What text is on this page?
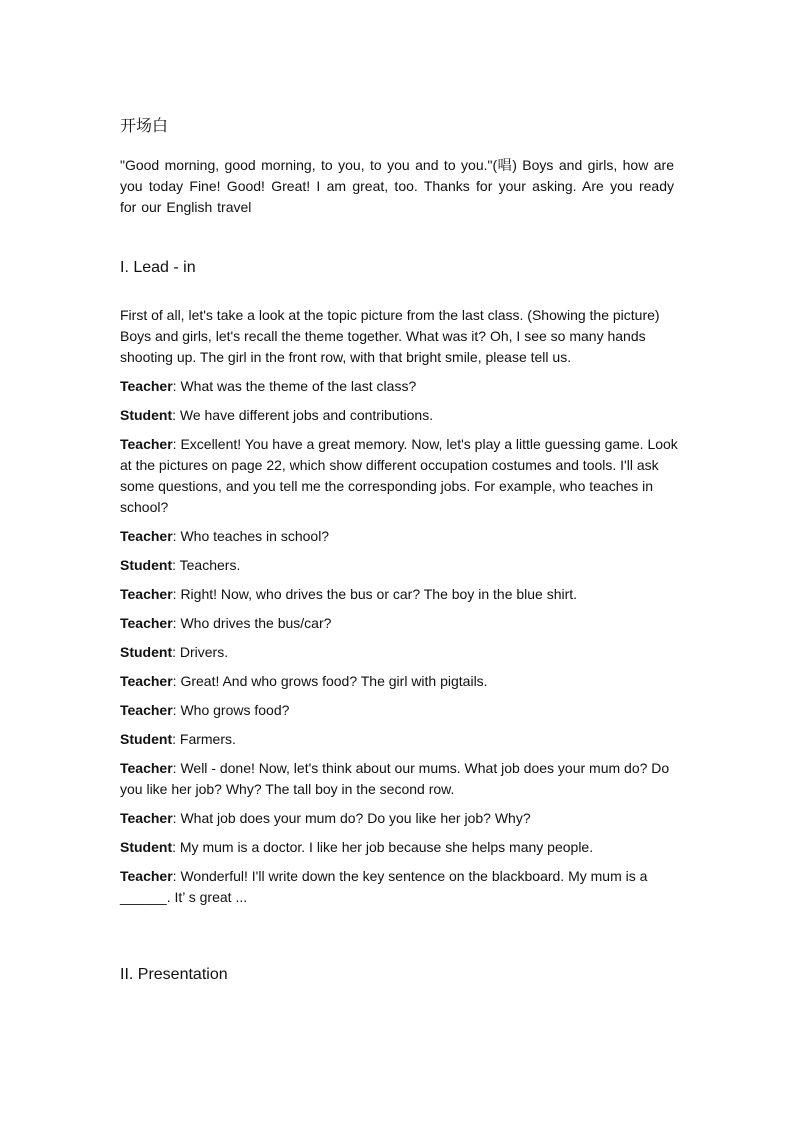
开场白
"Good morning, good morning, to you, to you and to you."(唱) Boys and girls, how are you today Fine! Good! Great! I am great, too. Thanks for your asking. Are you ready for our English travel
I. Lead - in

First of all, let's take a look at the topic picture from the last class. (Showing the picture) Boys and girls, let's recall the theme together. What was it? Oh, I see so many hands shooting up. The girl in the front row, with that bright smile, please tell us.

Teacher: What was the theme of the last class?

Student: We have different jobs and contributions.

Teacher: Excellent! You have a great memory. Now, let's play a little guessing game. Look at the pictures on page 22, which show different occupation costumes and tools. I'll ask some questions, and you tell me the corresponding jobs. For example, who teaches in school?

Teacher: Who teaches in school?

Student: Teachers.

Teacher: Right! Now, who drives the bus or car? The boy in the blue shirt.

Teacher: Who drives the bus/car?

Student: Drivers.

Teacher: Great! And who grows food? The girl with pigtails.

Teacher: Who grows food?

Student: Farmers.

Teacher: Well - done! Now, let's think about our mums. What job does your mum do? Do you like her job? Why? The tall boy in the second row.

Teacher: What job does your mum do? Do you like her job? Why?

Student: My mum is a doctor. I like her job because she helps many people.

Teacher: Wonderful! I'll write down the key sentence on the blackboard. My mum is a ______. It’ s great ...

II. Presentation
